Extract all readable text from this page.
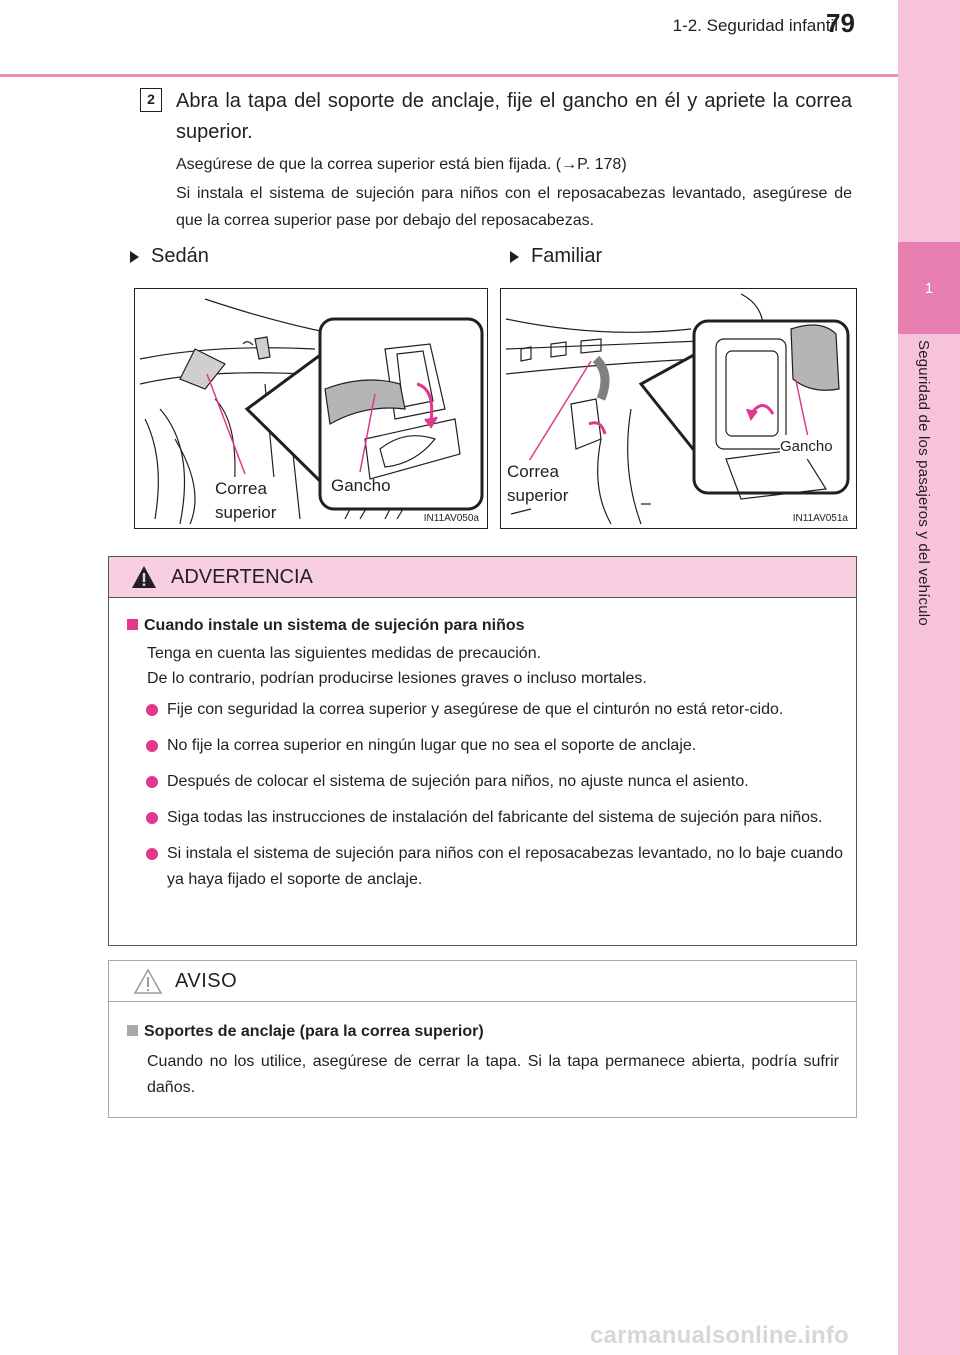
1-2. Seguridad infantil
79
1
Seguridad de los pasajeros y del vehículo
2	Abra la tapa del soporte de anclaje, fije el gancho en él y apriete la correa superior.
Asegúrese de que la correa superior está bien fijada. (→P. 178)
Si instala el sistema de sujeción para niños con el reposacabezas levantado, asegúrese de que la correa superior pase por debajo del reposacabezas.
Sedán	Familiar
Correa
superior
Gancho
IN11AV050a
Correa
superior
Gancho
IN11AV051a
ADVERTENCIA
Cuando instale un sistema de sujeción para niños
Tenga en cuenta las siguientes medidas de precaución.
De lo contrario, podrían producirse lesiones graves o incluso mortales.
Fije con seguridad la correa superior y asegúrese de que el cinturón no está retor-cido.
No fije la correa superior en ningún lugar que no sea el soporte de anclaje.
Después de colocar el sistema de sujeción para niños, no ajuste nunca el asiento.
Siga todas las instrucciones de instalación del fabricante del sistema de sujeción para niños.
Si instala el sistema de sujeción para niños con el reposacabezas levantado, no lo baje cuando ya haya fijado el soporte de anclaje.
AVISO
Soportes de anclaje (para la correa superior)
Cuando no los utilice, asegúrese de cerrar la tapa. Si la tapa permanece abierta, podría sufrir daños.
carmanualsonline.info
